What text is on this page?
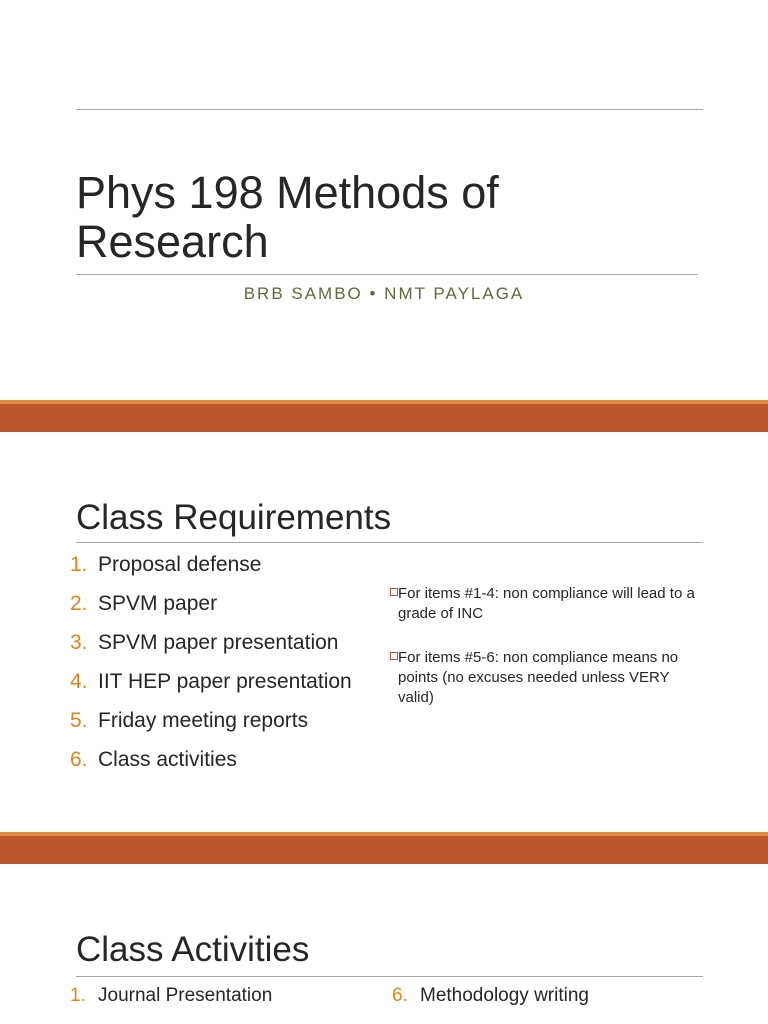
Phys 198 Methods of
Research
BRB SAMBO • NMT PAYLAGA
Class Requirements
1. Proposal defense
2. SPVM paper
3. SPVM paper presentation
4. IIT HEP paper presentation
5. Friday meeting reports
6. Class activities
For items #1-4: non compliance will lead to a grade of INC
For items #5-6: non compliance means no points (no excuses needed unless VERY valid)
Class Activities
1. Journal Presentation	6. Methodology writing
